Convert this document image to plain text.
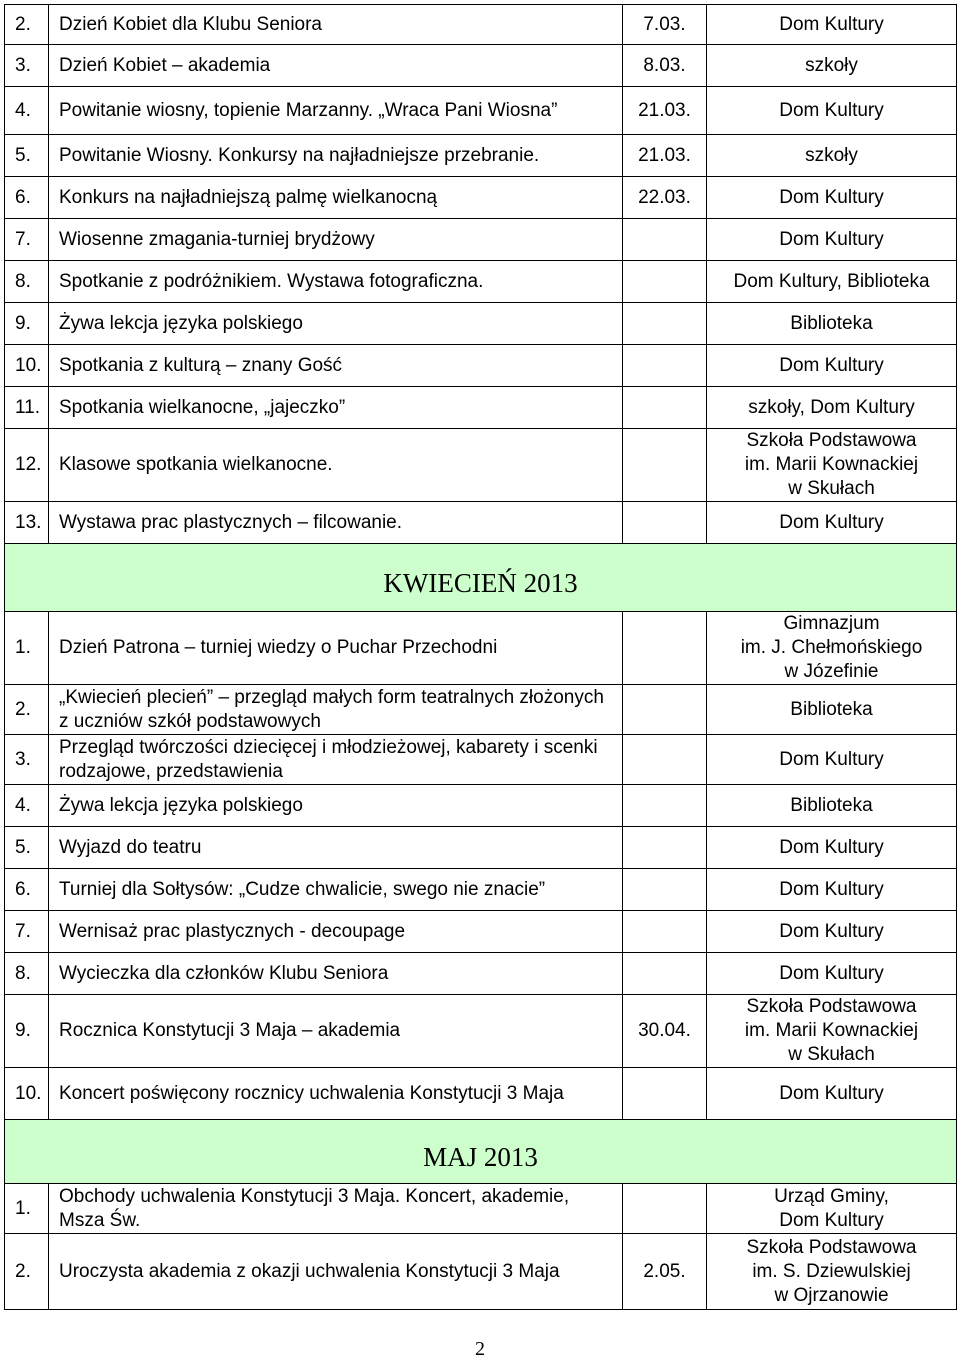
2.	Dzień Kobiet dla Klubu Seniora	7.03.	Dom Kultury

3.	Dzień Kobiet – akademia	8.03.	szkoły

4.	Powitanie wiosny, topienie Marzanny. „Wraca Pani Wiosna”	21.03.	Dom Kultury

5.	Powitanie Wiosny. Konkursy na najładniejsze przebranie.	21.03.	szkoły

6.	Konkurs na najładniejszą palmę wielkanocną	22.03.	Dom Kultury

7.	Wiosenne zmagania-turniej brydżowy		Dom Kultury

8.	Spotkanie z podróżnikiem. Wystawa fotograficzna.		Dom Kultury, Biblioteka

9.	Żywa lekcja języka polskiego		Biblioteka

10.	Spotkania z kulturą – znany Gość		Dom Kultury

11.	Spotkania wielkanocne, „jajeczko”		szkoły, Dom Kultury

12.	Klasowe spotkania wielkanocne.		Szkoła Podstawowa
im. Marii Kownackiej
w Skułach

13.	Wystawa prac plastycznych – filcowanie.		Dom Kultury

KWIECIEŃ 2013			
1.	Dzień Patrona – turniej wiedzy o Puchar Przechodni		Gimnazjum
im. J. Chełmońskiego
w Józefinie

2.	„Kwiecień plecień” – przegląd małych form teatralnych złożonych z uczniów szkół podstawowych		Biblioteka

3.	Przegląd twórczości dziecięcej i młodzieżowej, kabarety i scenki rodzajowe, przedstawienia		Dom Kultury

4.	Żywa lekcja języka polskiego		Biblioteka

5.	Wyjazd do teatru		Dom Kultury

6.	Turniej dla Sołtysów: „Cudze chwalicie, swego nie znacie”		Dom Kultury

7.	Wernisaż prac plastycznych - decoupage		Dom Kultury

8.	Wycieczka dla członków Klubu Seniora		Dom Kultury

9.	Rocznica Konstytucji 3 Maja – akademia	30.04.	Szkoła Podstawowa
im. Marii Kownackiej
w Skułach

10.	Koncert poświęcony rocznicy uchwalenia Konstytucji 3 Maja		Dom Kultury

MAJ 2013			
1.	Obchody uchwalenia Konstytucji 3 Maja. Koncert, akademie, Msza Św.		Urząd Gminy,
Dom Kultury

2.	Uroczysta akademia z okazji uchwalenia Konstytucji 3 Maja	2.05.	Szkoła Podstawowa
im. S. Dziewulskiej
w Ojrzanowie
2
